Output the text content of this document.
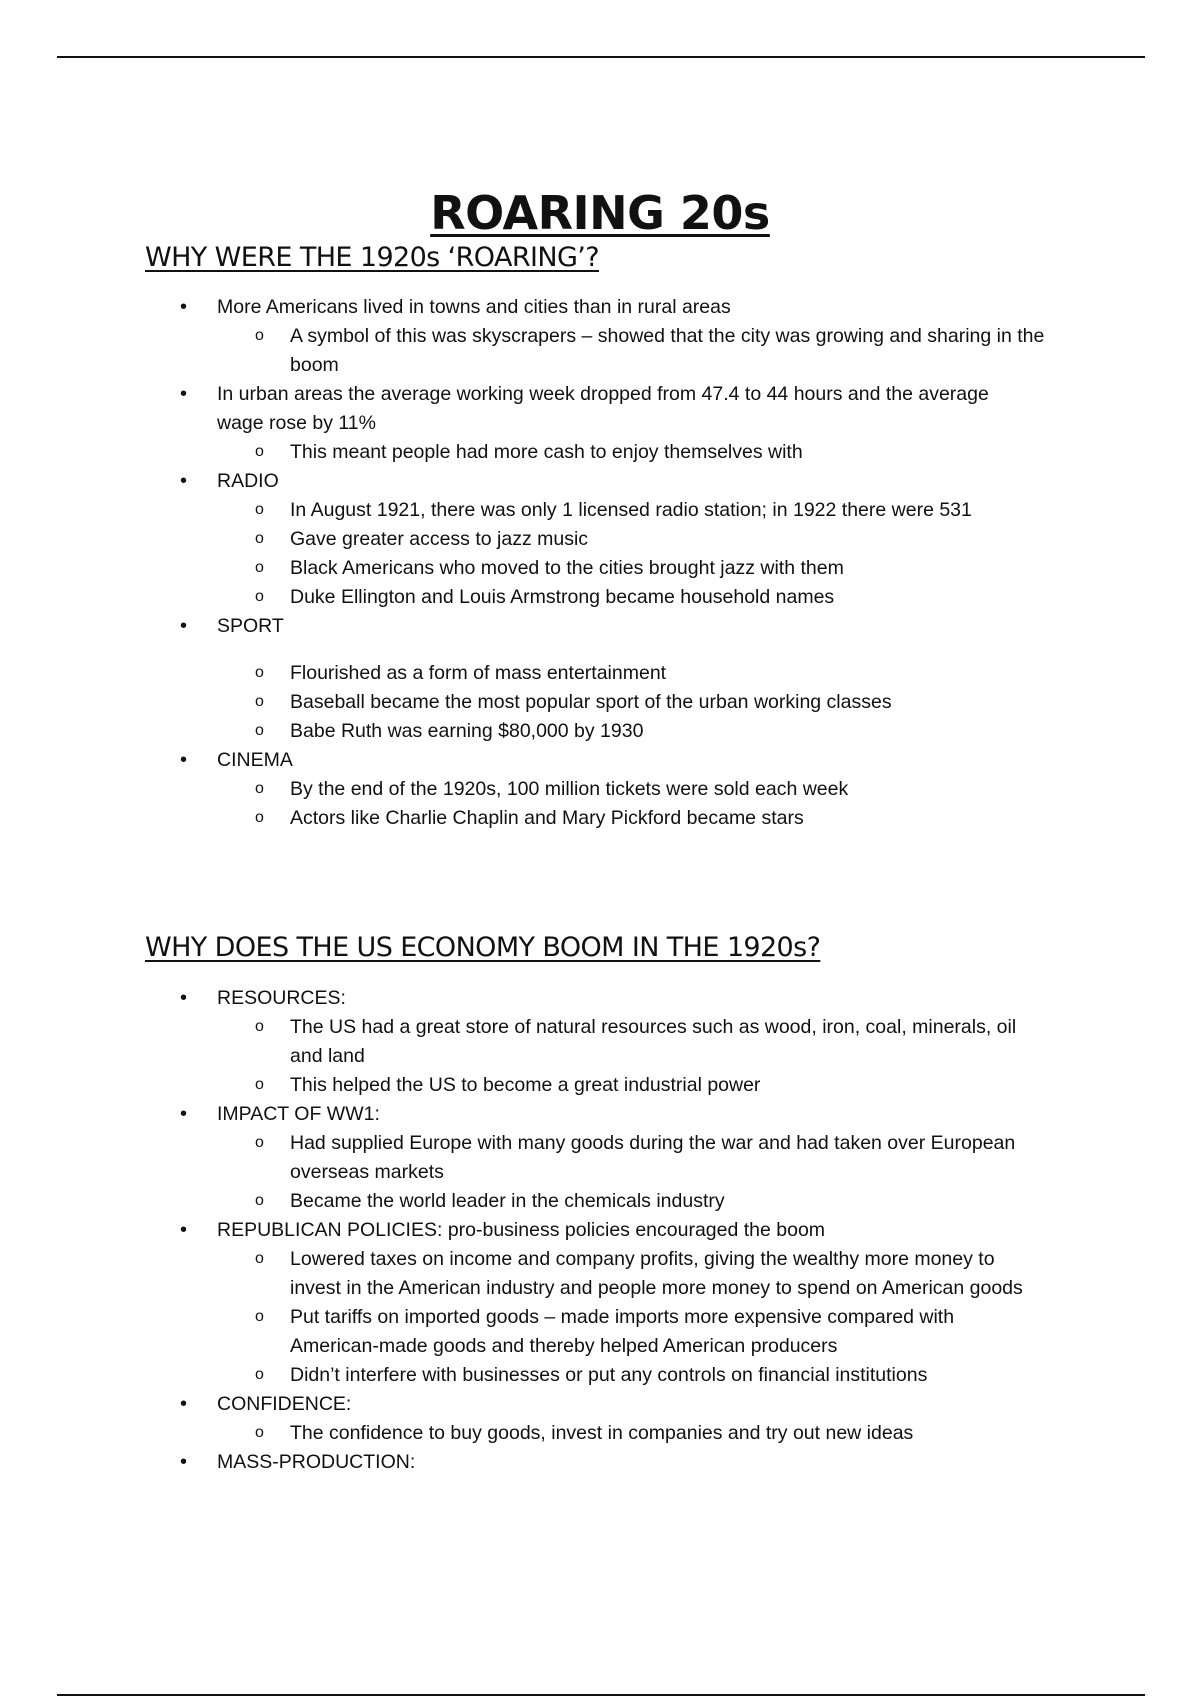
ROARING 20s
WHY WERE THE 1920s ‘ROARING’?
• More Americans lived in towns and cities than in rural areas
o A symbol of this was skyscrapers – showed that the city was growing and sharing in the boom
• In urban areas the average working week dropped from 47.4 to 44 hours and the average wage rose by 11%
o This meant people had more cash to enjoy themselves with
• RADIO
o In August 1921, there was only 1 licensed radio station; in 1922 there were 531
o Gave greater access to jazz music
o Black Americans who moved to the cities brought jazz with them
o Duke Ellington and Louis Armstrong became household names
• SPORT
o Flourished as a form of mass entertainment
o Baseball became the most popular sport of the urban working classes
o Babe Ruth was earning $80,000 by 1930
• CINEMA
o By the end of the 1920s, 100 million tickets were sold each week
o Actors like Charlie Chaplin and Mary Pickford became stars
WHY DOES THE US ECONOMY BOOM IN THE 1920s?
• RESOURCES:
o The US had a great store of natural resources such as wood, iron, coal, minerals, oil and land
o This helped the US to become a great industrial power
• IMPACT OF WW1:
o Had supplied Europe with many goods during the war and had taken over European overseas markets
o Became the world leader in the chemicals industry
• REPUBLICAN POLICIES: pro-business policies encouraged the boom
o Lowered taxes on income and company profits, giving the wealthy more money to invest in the American industry and people more money to spend on American goods
o Put tariffs on imported goods – made imports more expensive compared with American-made goods and thereby helped American producers
o Didn’t interfere with businesses or put any controls on financial institutions
• CONFIDENCE:
o The confidence to buy goods, invest in companies and try out new ideas
• MASS-PRODUCTION:
